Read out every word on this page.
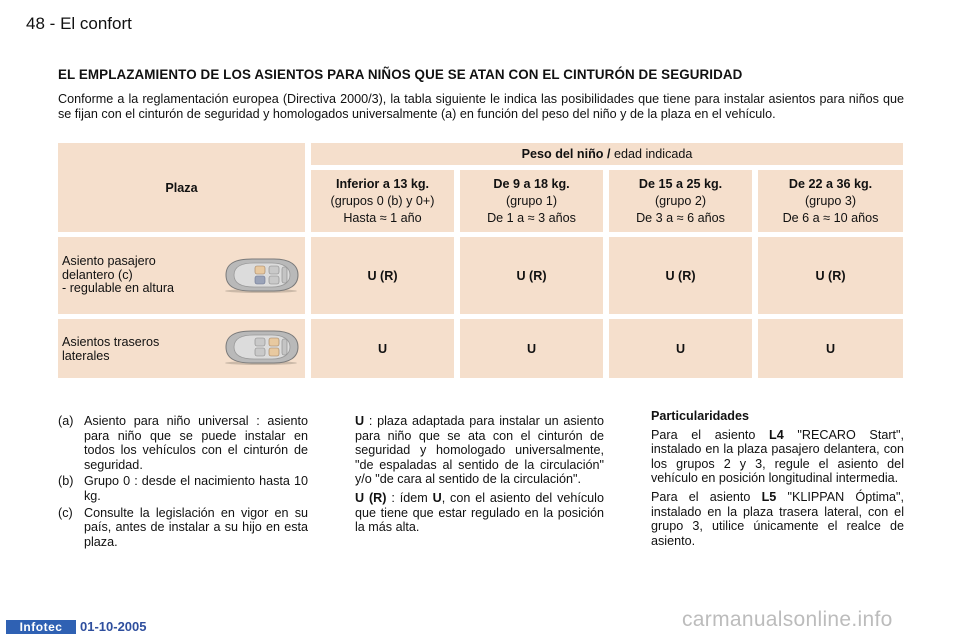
48 - El confort
EL EMPLAZAMIENTO DE LOS ASIENTOS PARA NIÑOS QUE SE ATAN CON EL CINTURÓN DE SEGURIDAD
Conforme a la reglamentación europea (Directiva 2000/3), la tabla siguiente le indica las posibilidades que tiene para instalar asientos para niños que se fijan con el cinturón de seguridad y homologados universalmente (a) en función del peso del niño y de la plaza en el vehículo.
Plaza
Peso del niño / edad indicada
Inferior a 13 kg.
(grupos 0 (b) y 0+)
Hasta ≈ 1 año
De 9 a 18 kg.
(grupo 1)
De 1 a ≈ 3 años
De 15 a 25 kg.
(grupo 2)
De 3 a ≈ 6 años
De 22 a 36 kg.
(grupo 3)
De 6 a ≈ 10 años
Asiento pasajero
delantero (c)
- regulable en altura
U (R)	U (R)	U (R)	U (R)
Asientos traseros
laterales	U	U	U	U
(a) Asiento para niño universal : asiento para niño que se puede instalar en todos los vehículos con el cinturón de seguridad.
(b) Grupo 0 : desde el nacimiento hasta 10 kg.
(c) Consulte la legislación en vigor en su país, antes de instalar a su hijo en esta plaza.
U : plaza adaptada para instalar un asiento para niño que se ata con el cinturón de seguridad y homologado universalmente, "de espaladas al sentido de la circulación" y/o "de cara al sentido de la circulación".
U (R) : ídem U, con el asiento del vehículo que tiene que estar regulado en la posición la más alta.
Particularidades
Para el asiento L4 "RECARO Start", instalado en la plaza pasajero delantera, con los grupos 2 y 3, regule el asiento del vehículo en posición longitudinal intermedia.
Para el asiento L5 "KLIPPAN Óptima", instalado en la plaza trasera lateral, con el grupo 3, utilice únicamente el realce de asiento.
Infotec	01-10-2005	carmanualsonline.info
